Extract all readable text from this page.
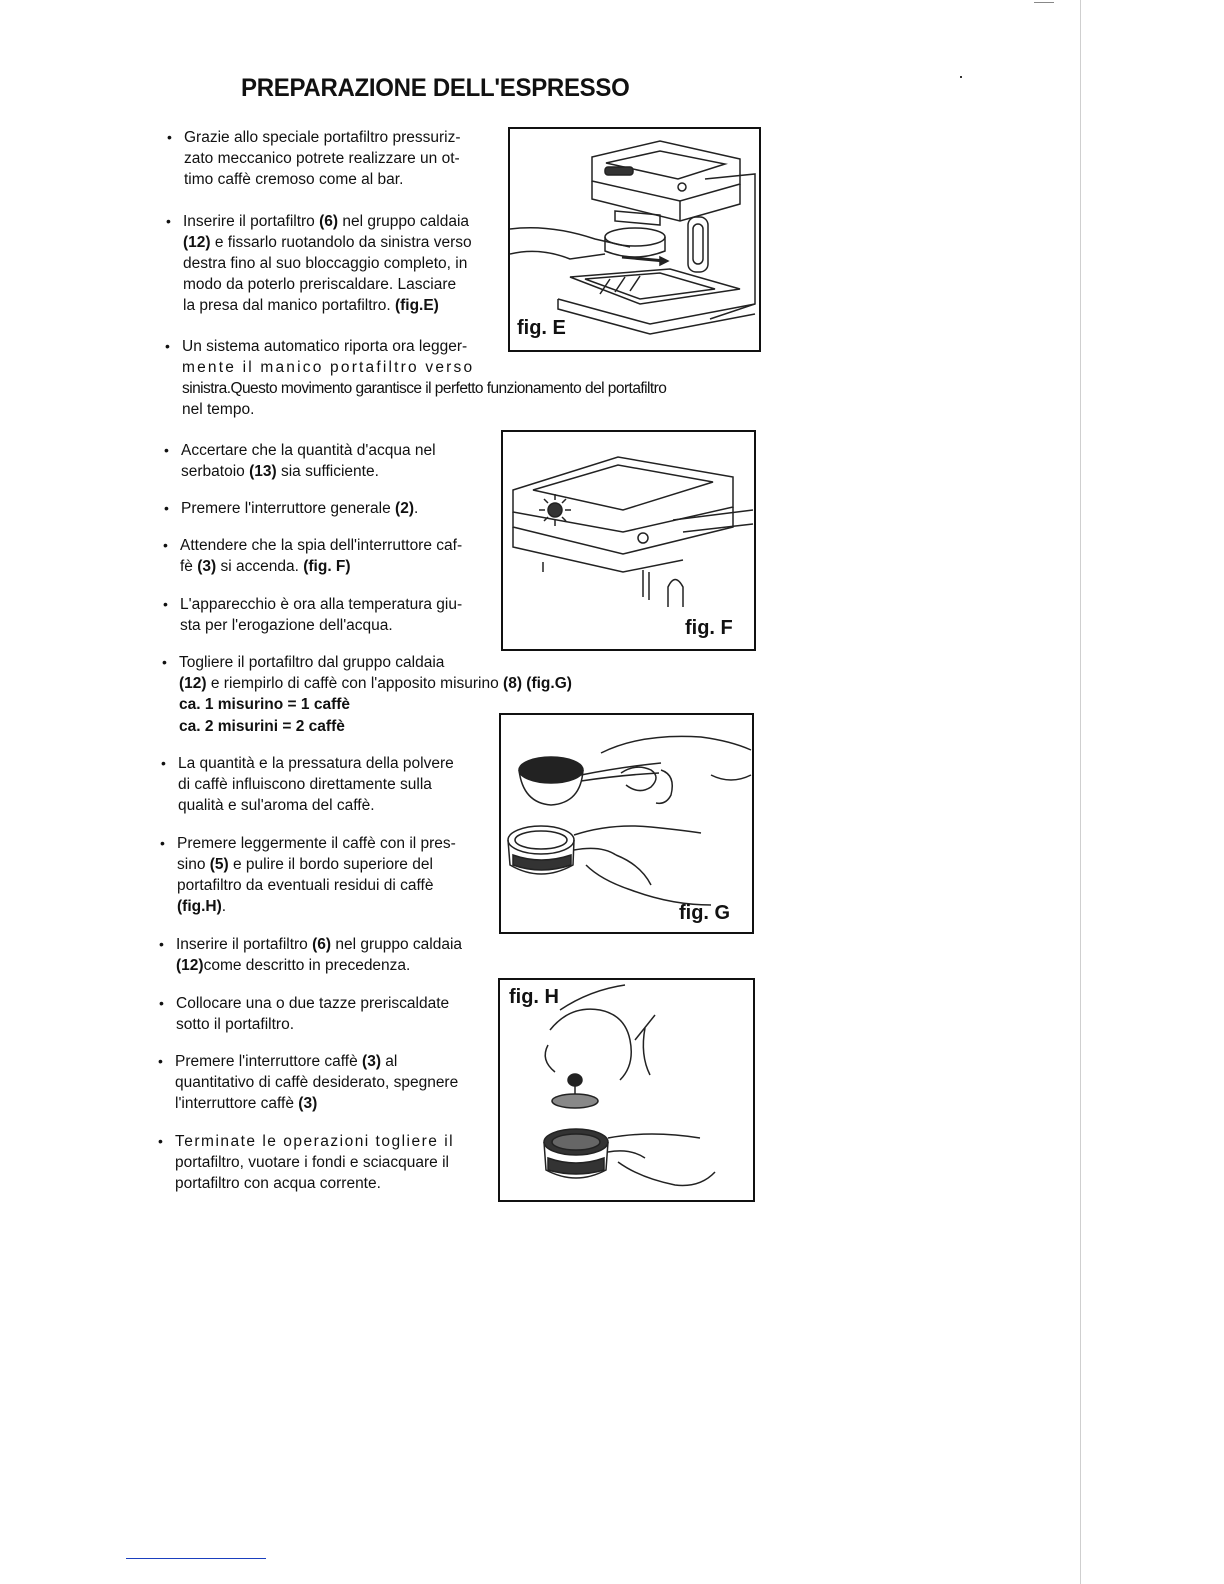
PREPARAZIONE DELL'ESPRESSO
• Grazie allo speciale portafiltro pressuriz-

zato meccanico potrete realizzare un ot-

timo caffè cremoso come al bar.

• Inserire il portafiltro (6) nel gruppo caldaia

(12) e fissarlo ruotandolo da sinistra verso

destra fino al suo bloccaggio completo, in

modo da poterlo preriscaldare. Lasciare

la presa dal manico portafiltro. (fig.E)

• Un sistema automatico riporta ora legger-

mente il manico portafiltro verso

sinistra.Questo movimento garantisce il perfetto funzionamento del portafiltro

nel tempo.

• Accertare che la quantità d'acqua nel

serbatoio (13) sia sufficiente.

• Premere l'interruttore generale (2).

• Attendere che la spia dell'interruttore caf-

fè (3) si accenda. (fig. F)

• L'apparecchio è ora alla temperatura giu-

sta per l'erogazione dell'acqua.

• Togliere il portafiltro dal gruppo caldaia

(12) e riempirlo di caffè con l'apposito misurino (8) (fig.G)

ca. 1 misurino = 1 caffè
ca. 2 misurini = 2 caffè
• La quantità e la pressatura della polvere

di caffè influiscono direttamente sulla

qualità e sul'aroma del caffè.

• Premere leggermente il caffè con il pres-

sino (5) e pulire il bordo superiore del

portafiltro da eventuali residui di caffè

(fig.H).

• Inserire il portafiltro (6) nel gruppo caldaia

(12)come descritto in precedenza.

• Collocare una o due tazze preriscaldate

sotto il portafiltro.

• Premere l'interruttore caffè (3) al

quantitativo di caffè desiderato, spegnere

l'interruttore caffè (3)

• Terminate le operazioni togliere il

portafiltro, vuotare i fondi e sciacquare il

portafiltro con acqua corrente.

fig. E
fig. F
fig. G
fig. H
